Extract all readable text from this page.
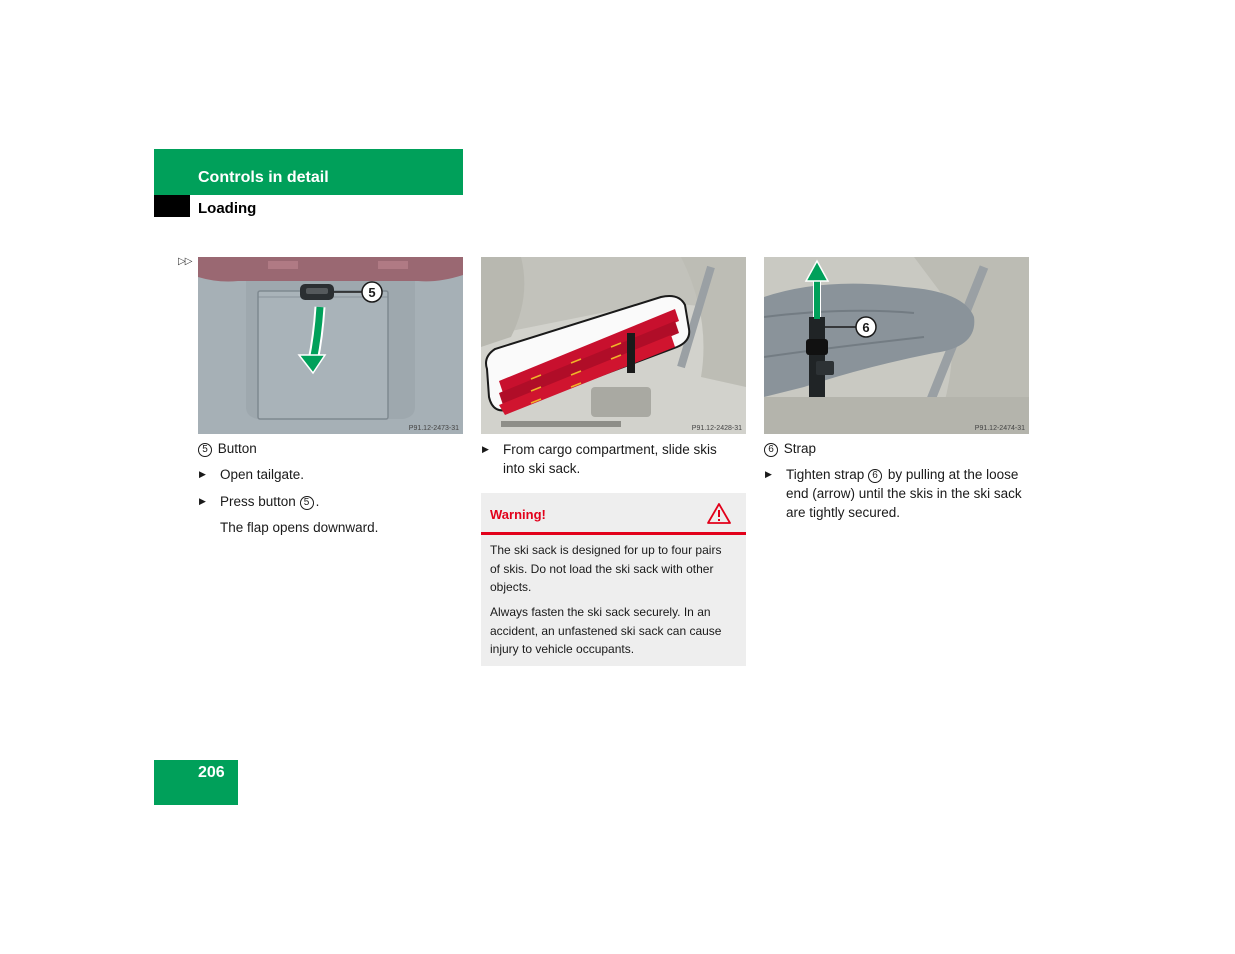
Controls in detail
Loading
▷▷
5
P91.12-2473-31	P91.12-2428-31
6
P91.12-2474-31
5 Button
▶ Open tailgate.
▶ Press button 5 .
The flap opens downward.
▶ From cargo compartment, slide skis
into ski sack.
Warning!
The ski sack is designed for up to four pairs
of skis. Do not load the ski sack with other
objects.
Always fasten the ski sack securely. In an
accident, an unfastened ski sack can cause
injury to vehicle occupants.
6 Strap
▶ Tighten strap 6 by pulling at the loose
end (arrow) until the skis in the ski sack
are tightly secured.
206
